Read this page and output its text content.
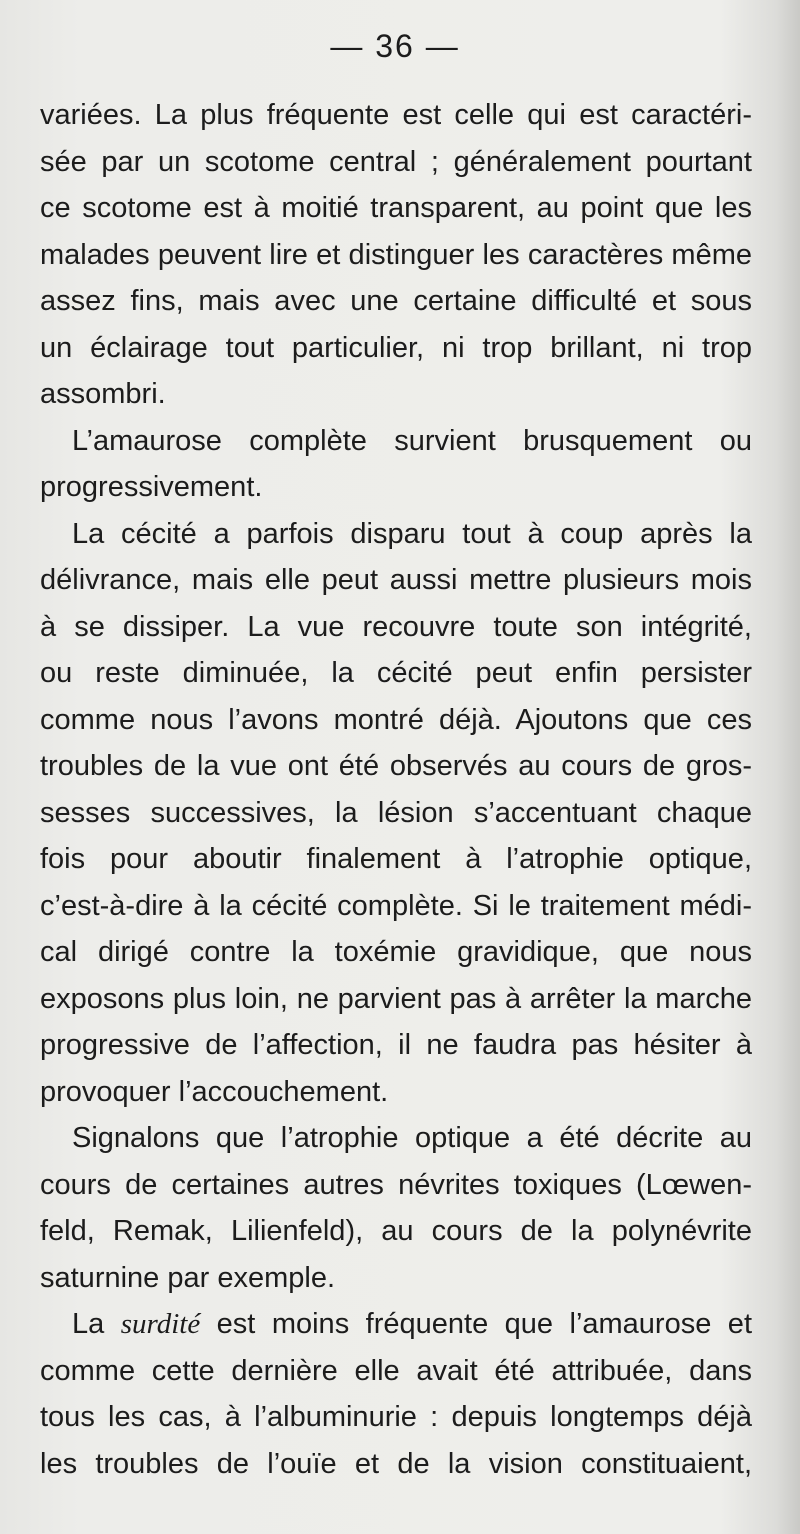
— 36 —
variées. La plus fréquente est celle qui est caractéri-
sée par un scotome central ; généralement pourtant
ce scotome est à moitié transparent, au point que les
malades peuvent lire et distinguer les caractères même
assez fins, mais avec une certaine difficulté et sous
un éclairage tout particulier, ni trop brillant, ni trop
assombri.
L’amaurose complète survient brusquement ou
progressivement.
La cécité a parfois disparu tout à coup après la
délivrance, mais elle peut aussi mettre plusieurs mois
à se dissiper. La vue recouvre toute son intégrité,
ou reste diminuée, la cécité peut enfin persister
comme nous l’avons montré déjà. Ajoutons que ces
troubles de la vue ont été observés au cours de gros-
sesses successives, la lésion s’accentuant chaque
fois pour aboutir finalement à l’atrophie optique,
c’est-à-dire à la cécité complète. Si le traitement médi-
cal dirigé contre la toxémie gravidique, que nous
exposons plus loin, ne parvient pas à arrêter la marche
progressive de l’affection, il ne faudra pas hésiter à
provoquer l’accouchement.
Signalons que l’atrophie optique a été décrite au
cours de certaines autres névrites toxiques (Lœwen-
feld, Remak, Lilienfeld), au cours de la polynévrite
saturnine par exemple.
La surdité est moins fréquente que l’amaurose et
comme cette dernière elle avait été attribuée, dans
tous les cas, à l’albuminurie : depuis longtemps déjà
les troubles de l’ouïe et de la vision constituaient,
